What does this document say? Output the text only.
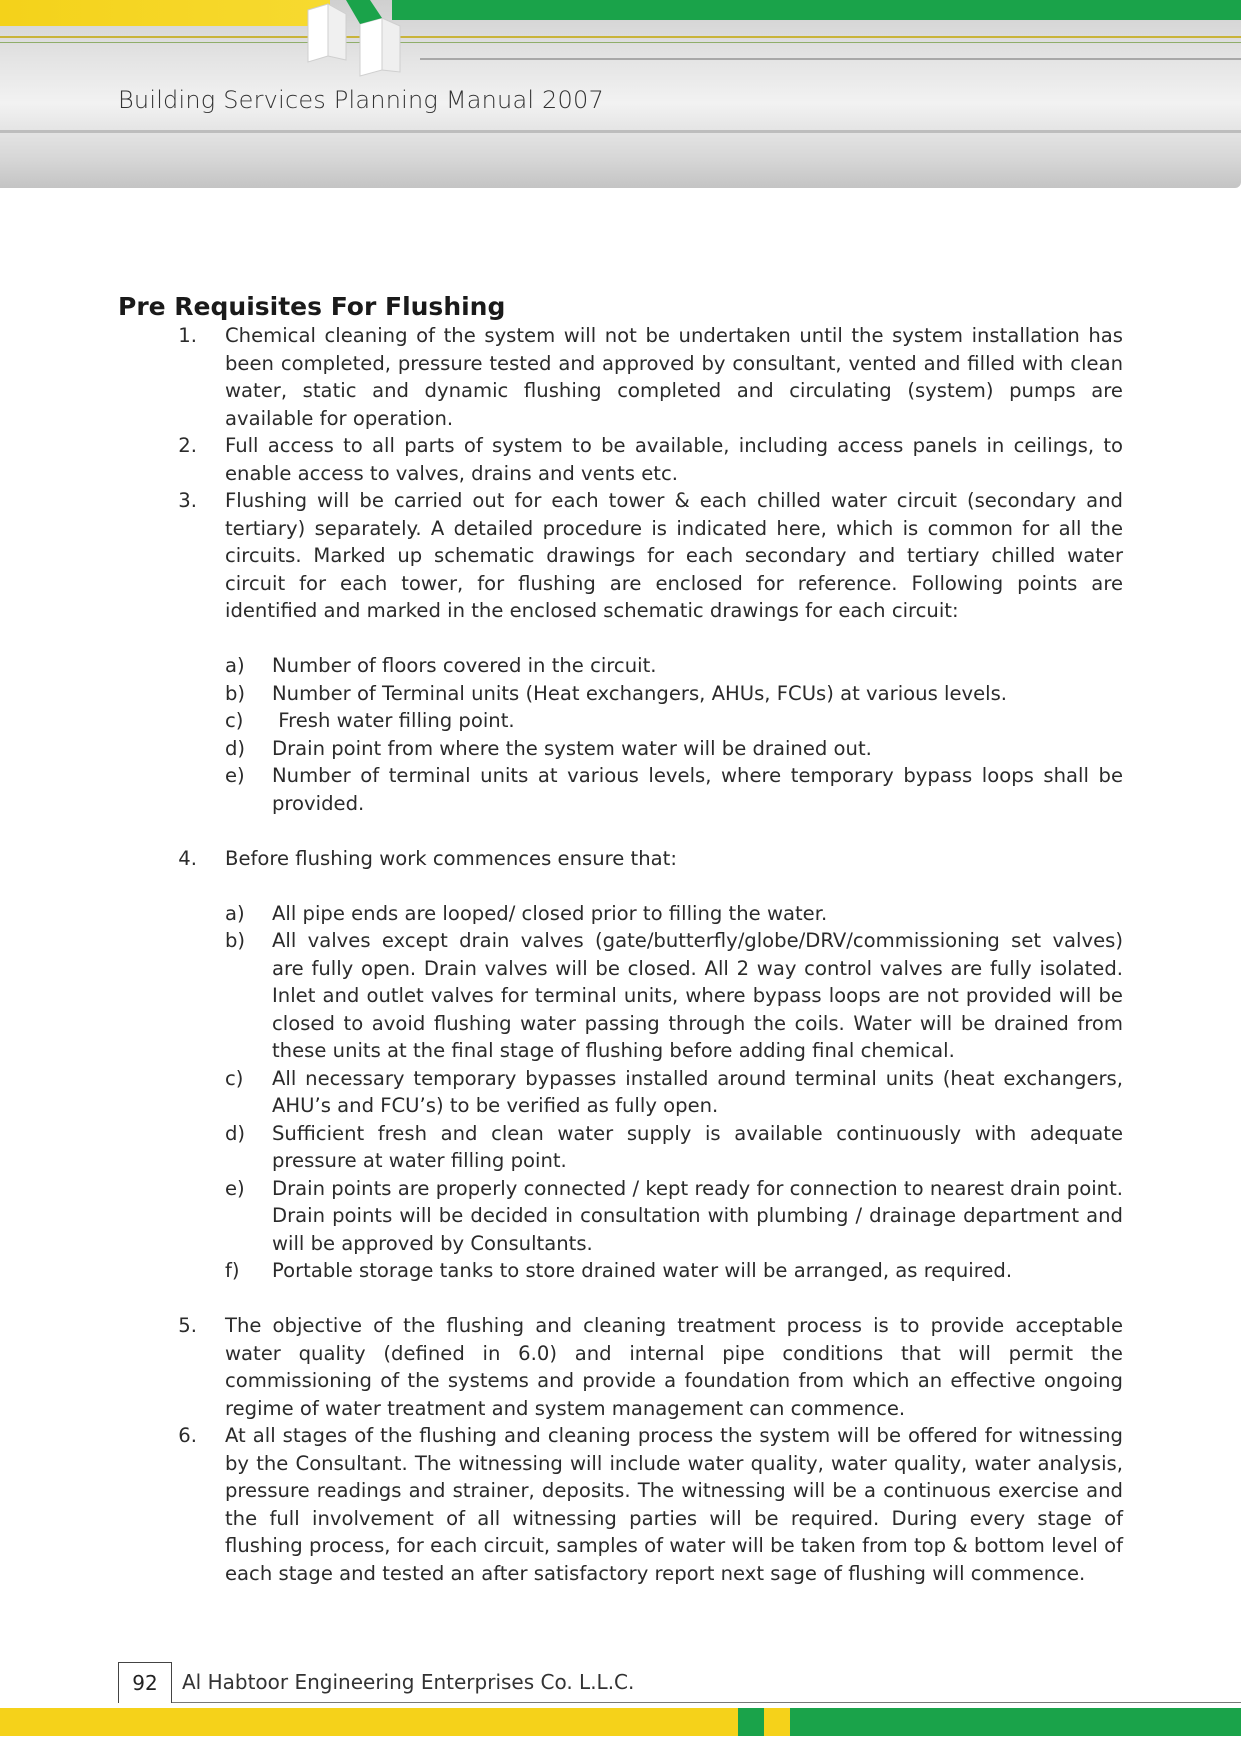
Building Services Planning Manual 2007
Pre Requisites For Flushing
1. Chemical cleaning of the system will not be undertaken until the system installation has been completed, pressure tested and approved by consultant, vented and filled with clean water, static and dynamic flushing completed and circulating (system) pumps are available for operation.
2. Full access to all parts of system to be available, including access panels in ceilings, to enable access to valves, drains and vents etc.
3. Flushing will be carried out for each tower & each chilled water circuit (secondary and tertiary) separately. A detailed procedure is indicated here, which is common for all the circuits. Marked up schematic drawings for each secondary and tertiary chilled water circuit for each tower, for flushing are enclosed for reference. Following points are identified and marked in the enclosed schematic drawings for each circuit:
a) Number of floors covered in the circuit.
b) Number of Terminal units (Heat exchangers, AHUs, FCUs) at various levels.
c) Fresh water filling point.
d) Drain point from where the system water will be drained out.
e) Number of terminal units at various levels, where temporary bypass loops shall be provided.
4. Before flushing work commences ensure that:
a) All pipe ends are looped/ closed prior to filling the water.
b) All valves except drain valves (gate/butterfly/globe/DRV/commissioning set valves) are fully open. Drain valves will be closed. All 2 way control valves are fully isolated. Inlet and outlet valves for terminal units, where bypass loops are not provided will be closed to avoid flushing water passing through the coils. Water will be drained from these units at the final stage of flushing before adding final chemical.
c) All necessary temporary bypasses installed around terminal units (heat exchangers, AHU’s and FCU’s) to be verified as fully open.
d) Sufficient fresh and clean water supply is available continuously with adequate pressure at water filling point.
e) Drain points are properly connected / kept ready for connection to nearest drain point. Drain points will be decided in consultation with plumbing / drainage department and will be approved by Consultants.
f) Portable storage tanks to store drained water will be arranged, as required.
5. The objective of the flushing and cleaning treatment process is to provide acceptable water quality (defined in 6.0) and internal pipe conditions that will permit the commissioning of the systems and provide a foundation from which an effective ongoing regime of water treatment and system management can commence.
6. At all stages of the flushing and cleaning process the system will be offered for witnessing by the Consultant. The witnessing will include water quality, water quality, water analysis, pressure readings and strainer, deposits. The witnessing will be a continuous exercise and the full involvement of all witnessing parties will be required. During every stage of flushing process, for each circuit, samples of water will be taken from top & bottom level of each stage and tested an after satisfactory report next sage of flushing will commence.
92	Al Habtoor Engineering Enterprises Co. L.L.C.
